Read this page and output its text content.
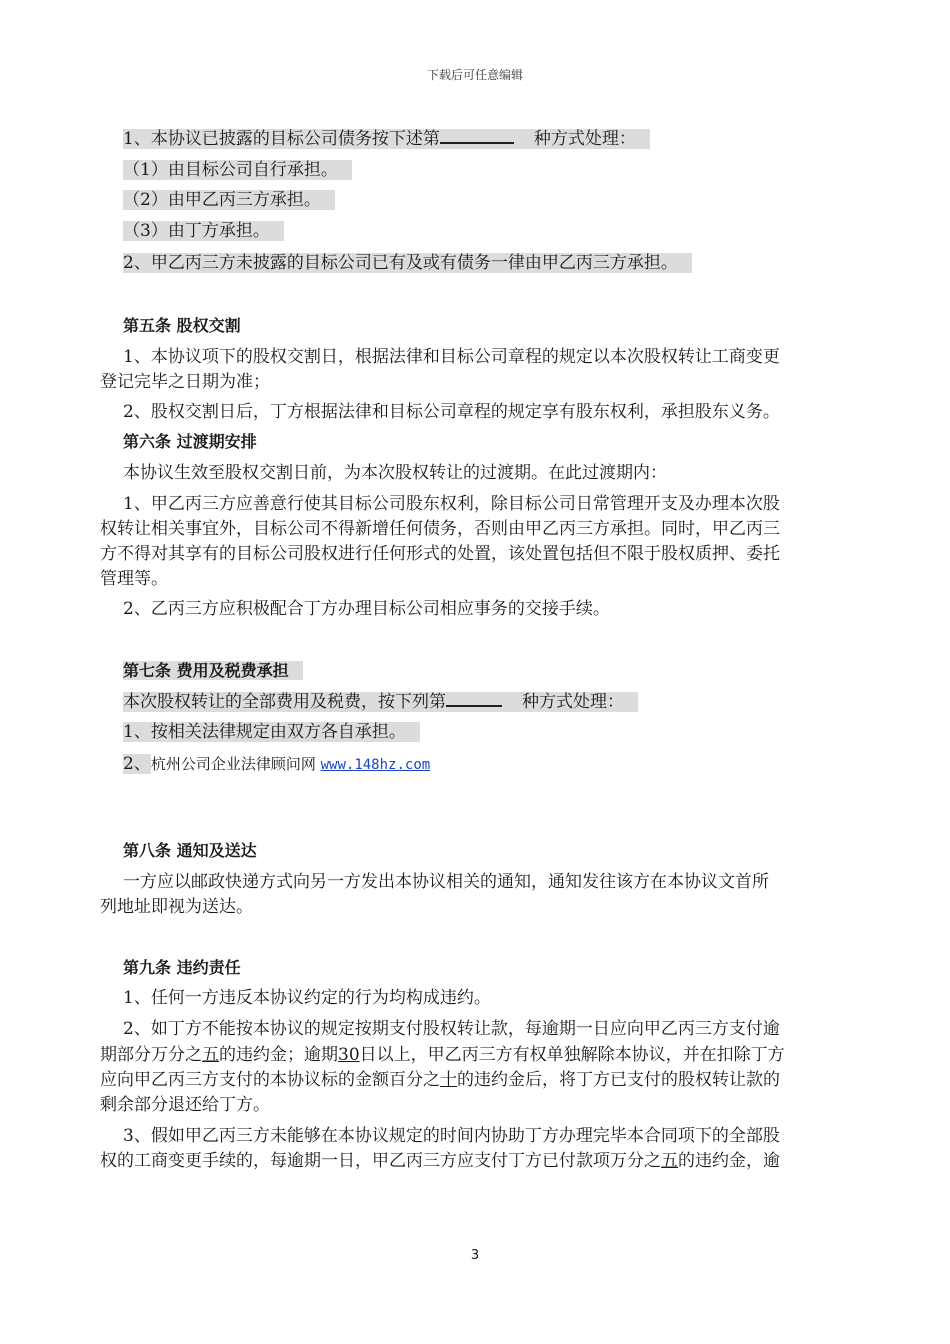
下载后可任意编辑
1、本协议已披露的目标公司债务按下述第	种方式处理：
（1）由目标公司自行承担。
（2）由甲乙丙三方承担。
（3）由丁方承担。
2、甲乙丙三方未披露的目标公司已有及或有债务一律由甲乙丙三方承担。
第五条 股权交割
1、本协议项下的股权交割日，根据法律和目标公司章程的规定以本次股权转让工商变更
登记完毕之日期为准；
2、股权交割日后，丁方根据法律和目标公司章程的规定享有股东权利，承担股东义务。
第六条 过渡期安排
本协议生效至股权交割日前，为本次股权转让的过渡期。在此过渡期内：
1、甲乙丙三方应善意行使其目标公司股东权利，除目标公司日常管理开支及办理本次股
权转让相关事宜外，目标公司不得新增任何债务，否则由甲乙丙三方承担。同时，甲乙丙三
方不得对其享有的目标公司股权进行任何形式的处置，该处置包括但不限于股权质押、委托
管理等。
2、乙丙三方应积极配合丁方办理目标公司相应事务的交接手续。
第七条 费用及税费承担
本次股权转让的全部费用及税费，按下列第	种方式处理：
1、按相关法律规定由双方各自承担。
2、杭州公司企业法律顾问网 www.148hz.com
第八条 通知及送达
一方应以邮政快递方式向另一方发出本协议相关的通知，通知发往该方在本协议文首所
列地址即视为送达。
第九条 违约责任
1、任何一方违反本协议约定的行为均构成违约。
2、如丁方不能按本协议的规定按期支付股权转让款，每逾期一日应向甲乙丙三方支付逾
期部分万分之五的违约金；逾期30日以上，甲乙丙三方有权单独解除本协议，并在扣除丁方
应向甲乙丙三方支付的本协议标的金额百分之十的违约金后，将丁方已支付的股权转让款的
剩余部分退还给丁方。
3、假如甲乙丙三方未能够在本协议规定的时间内协助丁方办理完毕本合同项下的全部股
权的工商变更手续的，每逾期一日，甲乙丙三方应支付丁方已付款项万分之五的违约金，逾
3
